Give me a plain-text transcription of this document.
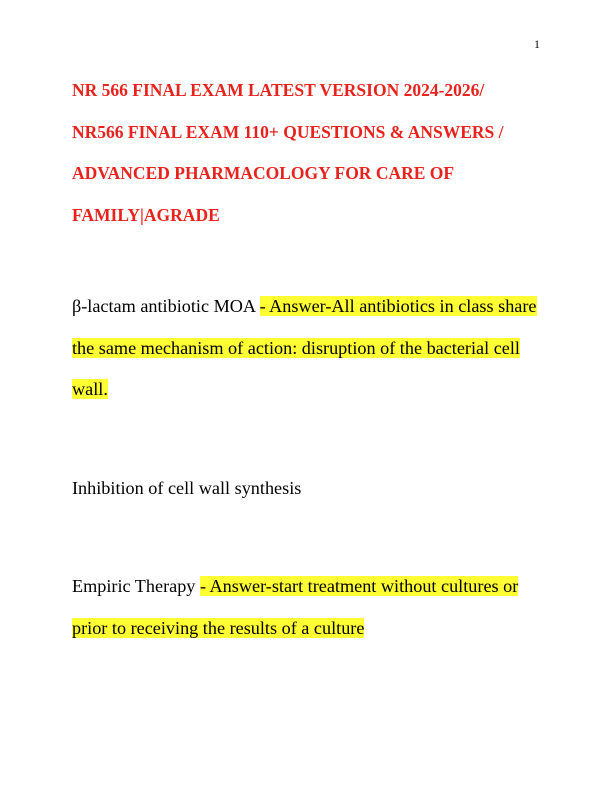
1
NR 566 FINAL EXAM LATEST VERSION 2024-2026/
NR566 FINAL EXAM 110+ QUESTIONS & ANSWERS /
ADVANCED PHARMACOLOGY FOR CARE OF
FAMILY|AGRADE

β-lactam antibiotic MOA - Answer-All antibiotics in class share
the same mechanism of action: disruption of the bacterial cell
wall.

Inhibition of cell wall synthesis

Empiric Therapy - Answer-start treatment without cultures or
prior to receiving the results of a culture
